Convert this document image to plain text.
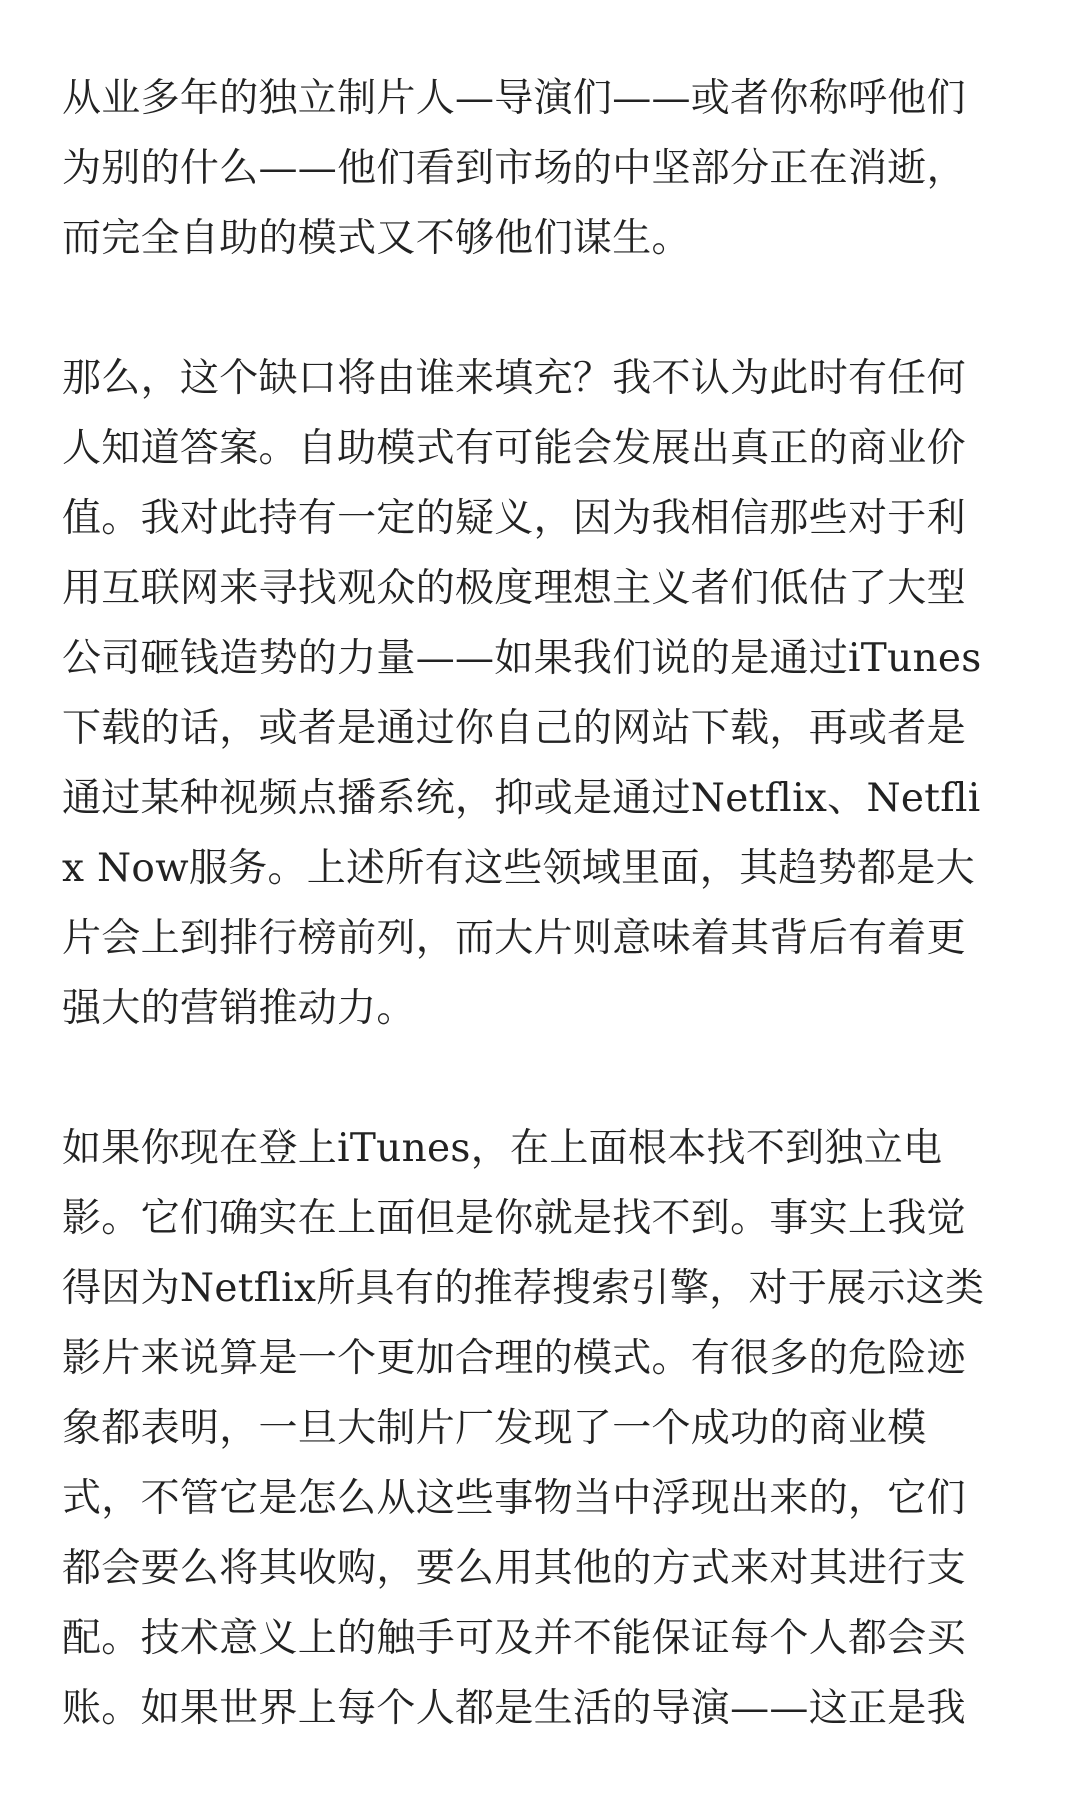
从业多年的独立制片人—导演们——或者你称呼他们
为别的什么——他们看到市场的中坚部分正在消逝，
而完全自助的模式又不够他们谋生。
那么，这个缺口将由谁来填充？我不认为此时有任何
人知道答案。自助模式有可能会发展出真正的商业价
值。我对此持有一定的疑义，因为我相信那些对于利
用互联网来寻找观众的极度理想主义者们低估了大型
公司砸钱造势的力量——如果我们说的是通过iTunes
下载的话，或者是通过你自己的网站下载，再或者是
通过某种视频点播系统，抑或是通过Netflix、Netfli
x Now服务。上述所有这些领域里面，其趋势都是大
片会上到排行榜前列，而大片则意味着其背后有着更
强大的营销推动力。
如果你现在登上iTunes，在上面根本找不到独立电
影。它们确实在上面但是你就是找不到。事实上我觉
得因为Netflix所具有的推荐搜索引擎，对于展示这类
影片来说算是一个更加合理的模式。有很多的危险迹
象都表明，一旦大制片厂发现了一个成功的商业模
式，不管它是怎么从这些事物当中浮现出来的，它们
都会要么将其收购，要么用其他的方式来对其进行支
配。技术意义上的触手可及并不能保证每个人都会买
账。如果世界上每个人都是生活的导演——这正是我
